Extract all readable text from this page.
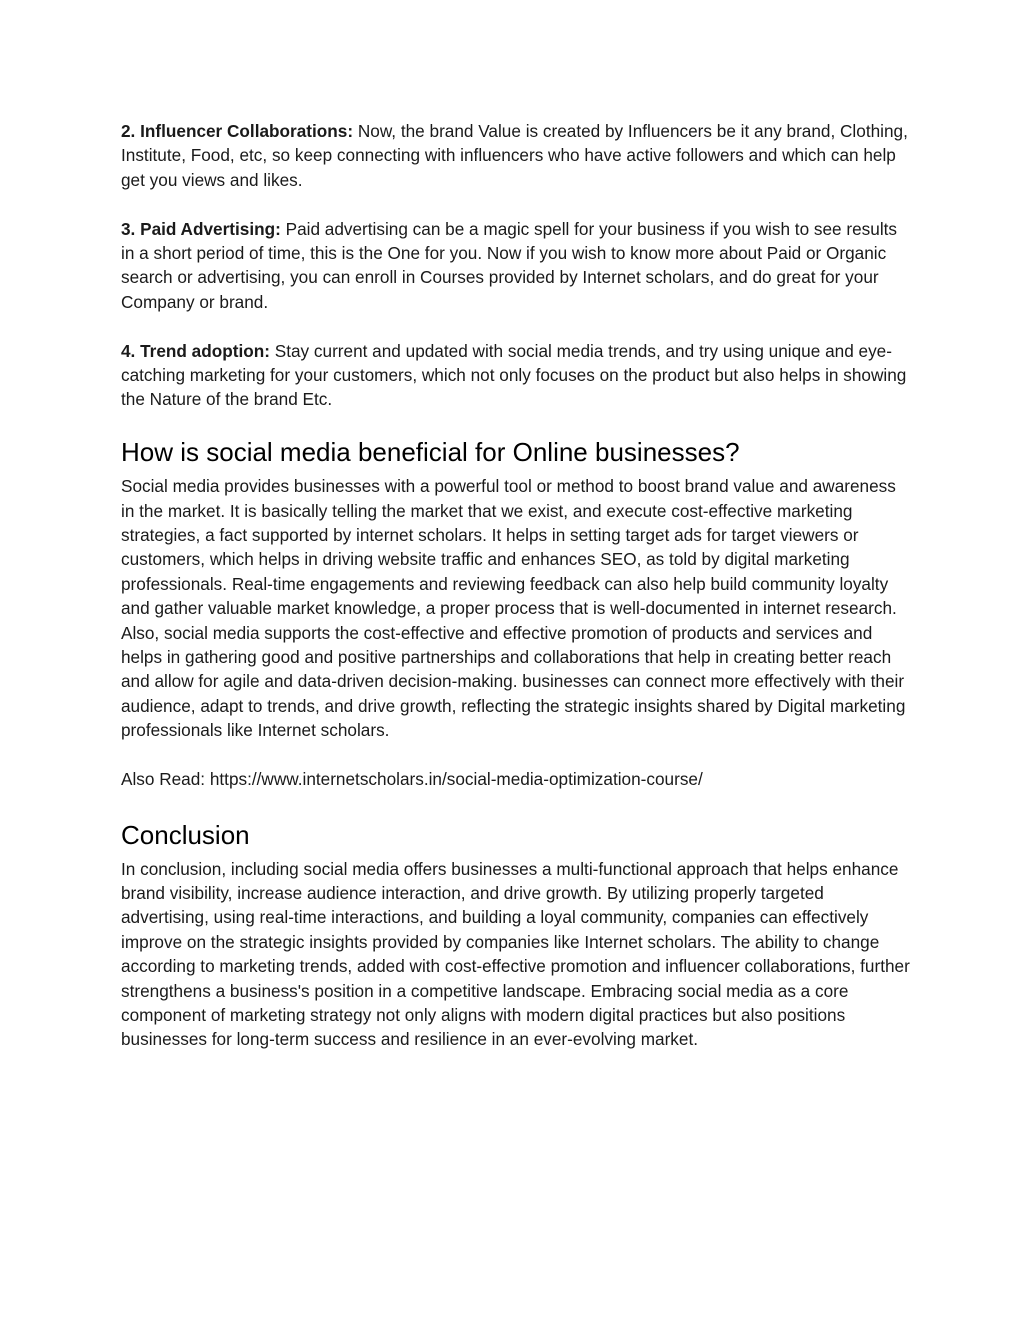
2. Influencer Collaborations: Now, the brand Value is created by Influencers be it any brand, Clothing, Institute, Food, etc, so keep connecting with influencers who have active followers and which can help get you views and likes.

3. Paid Advertising: Paid advertising can be a magic spell for your business if you wish to see results in a short period of time, this is the One for you. Now if you wish to know more about Paid or Organic search or advertising, you can enroll in Courses provided by Internet scholars, and do great for your Company or brand.

4. Trend adoption: Stay current and updated with social media trends, and try using unique and eye-catching marketing for your customers, which not only focuses on the product but also helps in showing the Nature of the brand Etc.

How is social media beneficial for Online businesses?

Social media provides businesses with a powerful tool or method to boost brand value and awareness in the market. It is basically telling the market that we exist, and execute cost-effective marketing strategies, a fact supported by internet scholars. It helps in setting target ads for target viewers or customers, which helps in driving website traffic and enhances SEO, as told by digital marketing professionals. Real-time engagements and reviewing feedback can also help build community loyalty and gather valuable market knowledge, a proper process that is well-documented in internet research. Also, social media supports the cost-effective and effective promotion of products and services and helps in gathering good and positive partnerships and collaborations that help in creating better reach and allow for agile and data-driven decision-making. businesses can connect more effectively with their audience, adapt to trends, and drive growth, reflecting the strategic insights shared by Digital marketing professionals like Internet scholars.

Also Read: https://www.internetscholars.in/social-media-optimization-course/

Conclusion

In conclusion, including social media offers businesses a multi-functional approach that helps enhance brand visibility, increase audience interaction, and drive growth. By utilizing properly targeted advertising, using real-time interactions, and building a loyal community, companies can effectively improve on the strategic insights provided by companies like Internet scholars. The ability to change according to marketing trends, added with cost-effective promotion and influencer collaborations, further strengthens a business's position in a competitive landscape. Embracing social media as a core component of marketing strategy not only aligns with modern digital practices but also positions businesses for long-term success and resilience in an ever-evolving market.
